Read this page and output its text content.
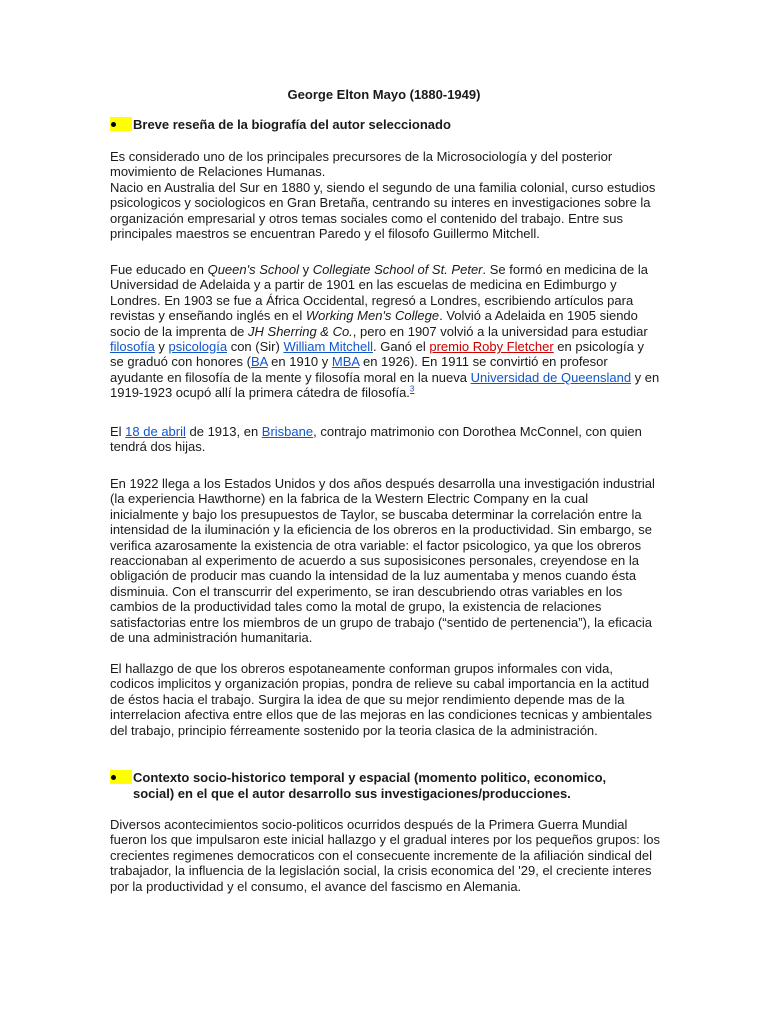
George Elton Mayo (1880-1949)
Breve reseña de la biografía del autor seleccionado

Es considerado uno de los principales precursores de la Microsociología y del posterior movimiento de Relaciones Humanas.

Nacio en Australia del Sur en 1880 y, siendo el segundo de una familia colonial, curso estudios psicologicos y sociologicos en Gran Bretaña, centrando su interes en investigaciones sobre la organización empresarial y otros temas sociales como el contenido del trabajo. Entre sus principales maestros se encuentran Paredo y el filosofo Guillermo Mitchell.

Fue educado en Queen's School y Collegiate School of St. Peter. Se formó en medicina de la Universidad de Adelaida y a partir de 1901 en las escuelas de medicina en Edimburgo y Londres. En 1903 se fue a África Occidental, regresó a Londres, escribiendo artículos para revistas y enseñando inglés en el Working Men's College. Volvió a Adelaida en 1905 siendo socio de la imprenta de JH Sherring & Co., pero en 1907 volvió a la universidad para estudiar filosofía y psicología con (Sir) William Mitchell. Ganó el premio Roby Fletcher en psicología y se graduó con honores (BA en 1910 y MBA en 1926). En 1911 se convirtió en profesor ayudante en filosofía de la mente y filosofía moral en la nueva Universidad de Queensland y en 1919-1923 ocupó allí la primera cátedra de filosofía.$^3$

El 18 de abril de 1913, en Brisbane, contrajo matrimonio con Dorothea McConnel, con quien tendrá dos hijas.

En 1922 llega a los Estados Unidos y dos años después desarrolla una investigación industrial (la experiencia Hawthorne) en la fabrica de la Western Electric Company en la cual inicialmente y bajo los presupuestos de Taylor, se buscaba determinar la correlación entre la intensidad de la iluminación y la eficiencia de los obreros en la productividad. Sin embargo, se verifica azarosamente la existencia de otra variable: el factor psicologico, ya que los obreros reaccionaban al experimento de acuerdo a sus suposisicones personales, creyendose en la obligación de producir mas cuando la intensidad de la luz aumentaba y menos cuando ésta disminuia. Con el transcurrir del experimento, se iran descubriendo otras variables en los cambios de la productividad tales como la motal de grupo, la existencia de relaciones satisfactorias entre los miembros de un grupo de trabajo (“sentido de pertenencia”), la eficacia de una administración humanitaria.

El hallazgo de que los obreros espotaneamente conforman grupos informales con vida, codicos implicitos y organización propias, pondra de relieve su cabal importancia en la actitud de éstos hacia el trabajo. Surgira la idea de que su mejor rendimiento depende mas de la interrelacion afectiva entre ellos que de las mejoras en las condiciones tecnicas y ambientales del trabajo, principio férreamente sostenido por la teoria clasica de la administración.

Contexto socio-historico temporal y espacial (momento politico, economico, social) en el que el autor desarrollo sus investigaciones/producciones.

Diversos acontecimientos socio-politicos ocurridos después de la Primera Guerra Mundial fueron los que impulsaron este inicial hallazgo y el gradual interes por los pequeños grupos: los crecientes regimenes democraticos con el consecuente incremente de la afiliación sindical del trabajador, la influencia de la legislación social, la crisis economica del '29, el creciente interes por la productividad y el consumo, el avance del fascismo en Alemania.
